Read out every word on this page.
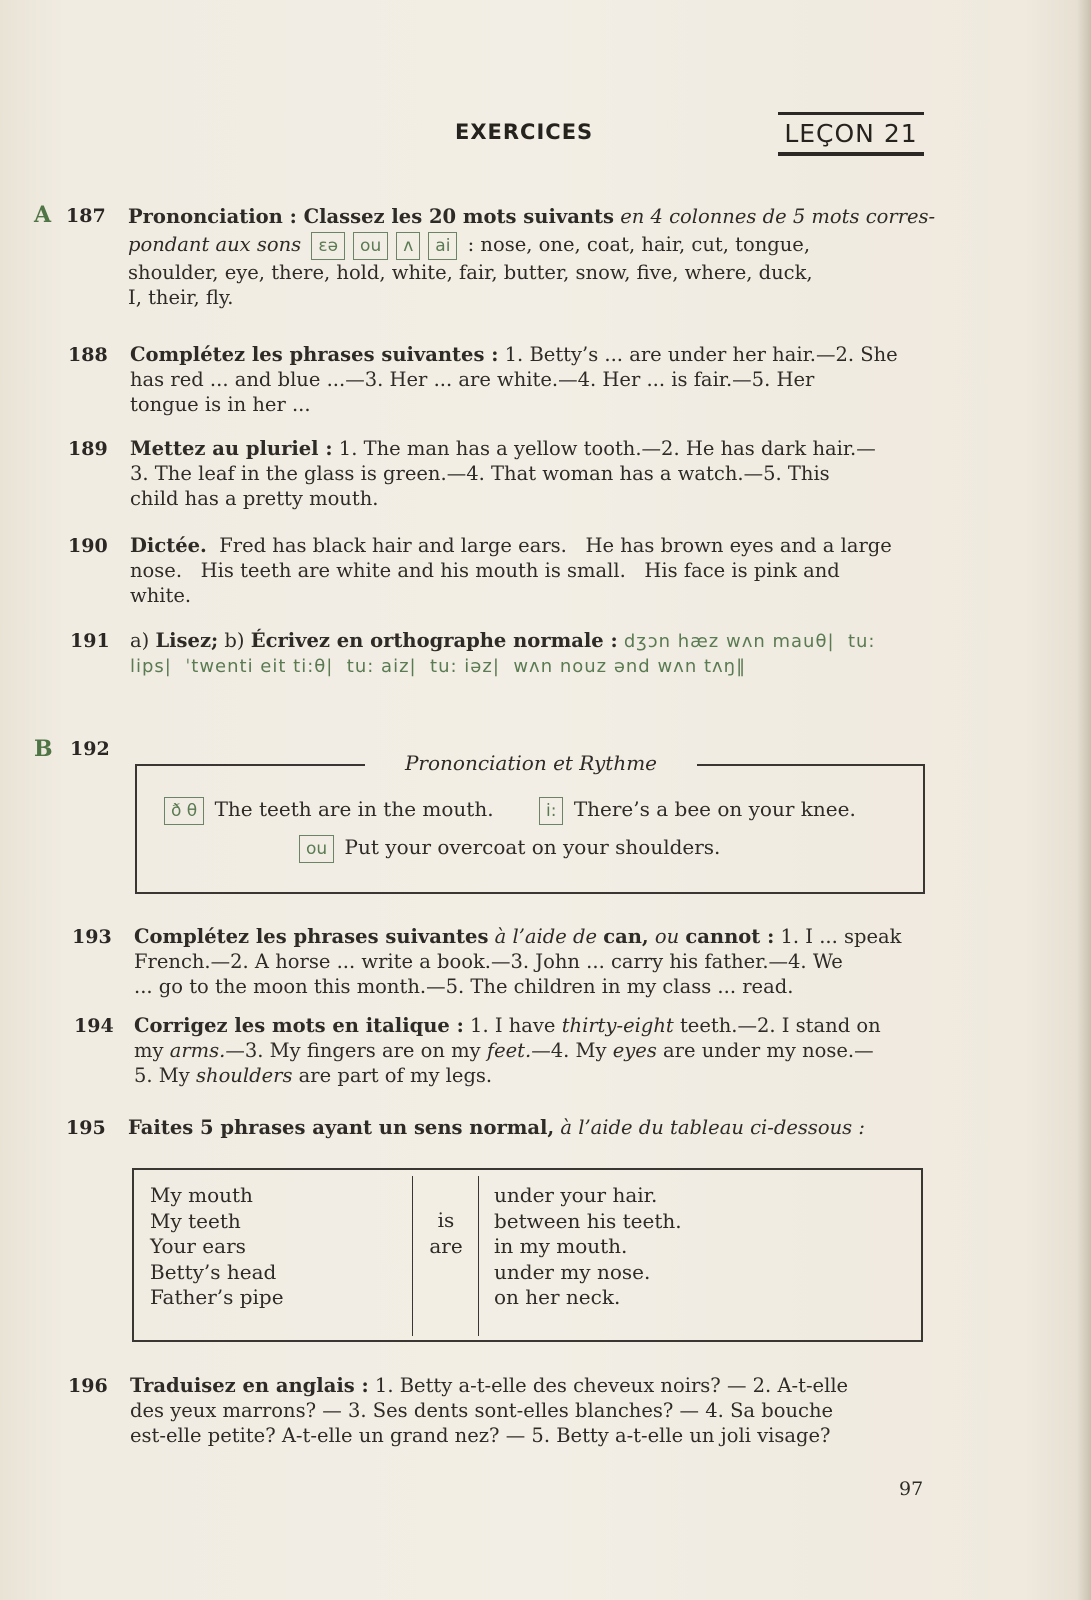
EXERCICES	LEÇON 21
A 187 Prononciation : Classez les 20 mots suivants en 4 colonnes de 5 mots corres-
pondant aux sons ɛə ou ʌ ai : nose, one, coat, hair, cut, tongue,
shoulder, eye, there, hold, white, fair, butter, snow, five, where, duck,
I, their, fly.
188 Complétez les phrases suivantes : 1. Betty’s ... are under her hair.—2. She
has red ... and blue ...—3. Her ... are white.—4. Her ... is fair.—5. Her
tongue is in her ...
189 Mettez au pluriel : 1. The man has a yellow tooth.—2. He has dark hair.—
3. The leaf in the glass is green.—4. That woman has a watch.—5. This
child has a pretty mouth.
190 Dictée. Fred has black hair and large ears.   He has brown eyes and a large
nose.   His teeth are white and his mouth is small.   His face is pink and
white.
191 a) Lisez; b) Écrivez en orthographe normale : dʒɔn hæz wʌn mauθ|  tu:
lips|  ˈtwenti eit ti:θ|  tu: aiz|  tu: iəz|  wʌn nouz ənd wʌn tʌŋ‖
B 192
Prononciation et Rythme
ð θ The teeth are in the mouth.	i: There’s a bee on your knee.
ou Put your overcoat on your shoulders.
193 Complétez les phrases suivantes à l’aide de can, ou cannot : 1. I ... speak
French.—2. A horse ... write a book.—3. John ... carry his father.—4. We
... go to the moon this month.—5. The children in my class ... read.
194 Corrigez les mots en italique : 1. I have thirty-eight teeth.—2. I stand on
my arms.—3. My fingers are on my feet.—4. My eyes are under my nose.—
5. My shoulders are part of my legs.
195 Faites 5 phrases ayant un sens normal, à l’aide du tableau ci-dessous :
My mouth
My teeth
Your ears
Betty’s head
Father’s pipe
is
are
under your hair.
between his teeth.
in my mouth.
under my nose.
on her neck.
196 Traduisez en anglais : 1. Betty a-t-elle des cheveux noirs? — 2. A-t-elle
des yeux marrons? — 3. Ses dents sont-elles blanches? — 4. Sa bouche
est-elle petite? A-t-elle un grand nez? — 5. Betty a-t-elle un joli visage?
97
